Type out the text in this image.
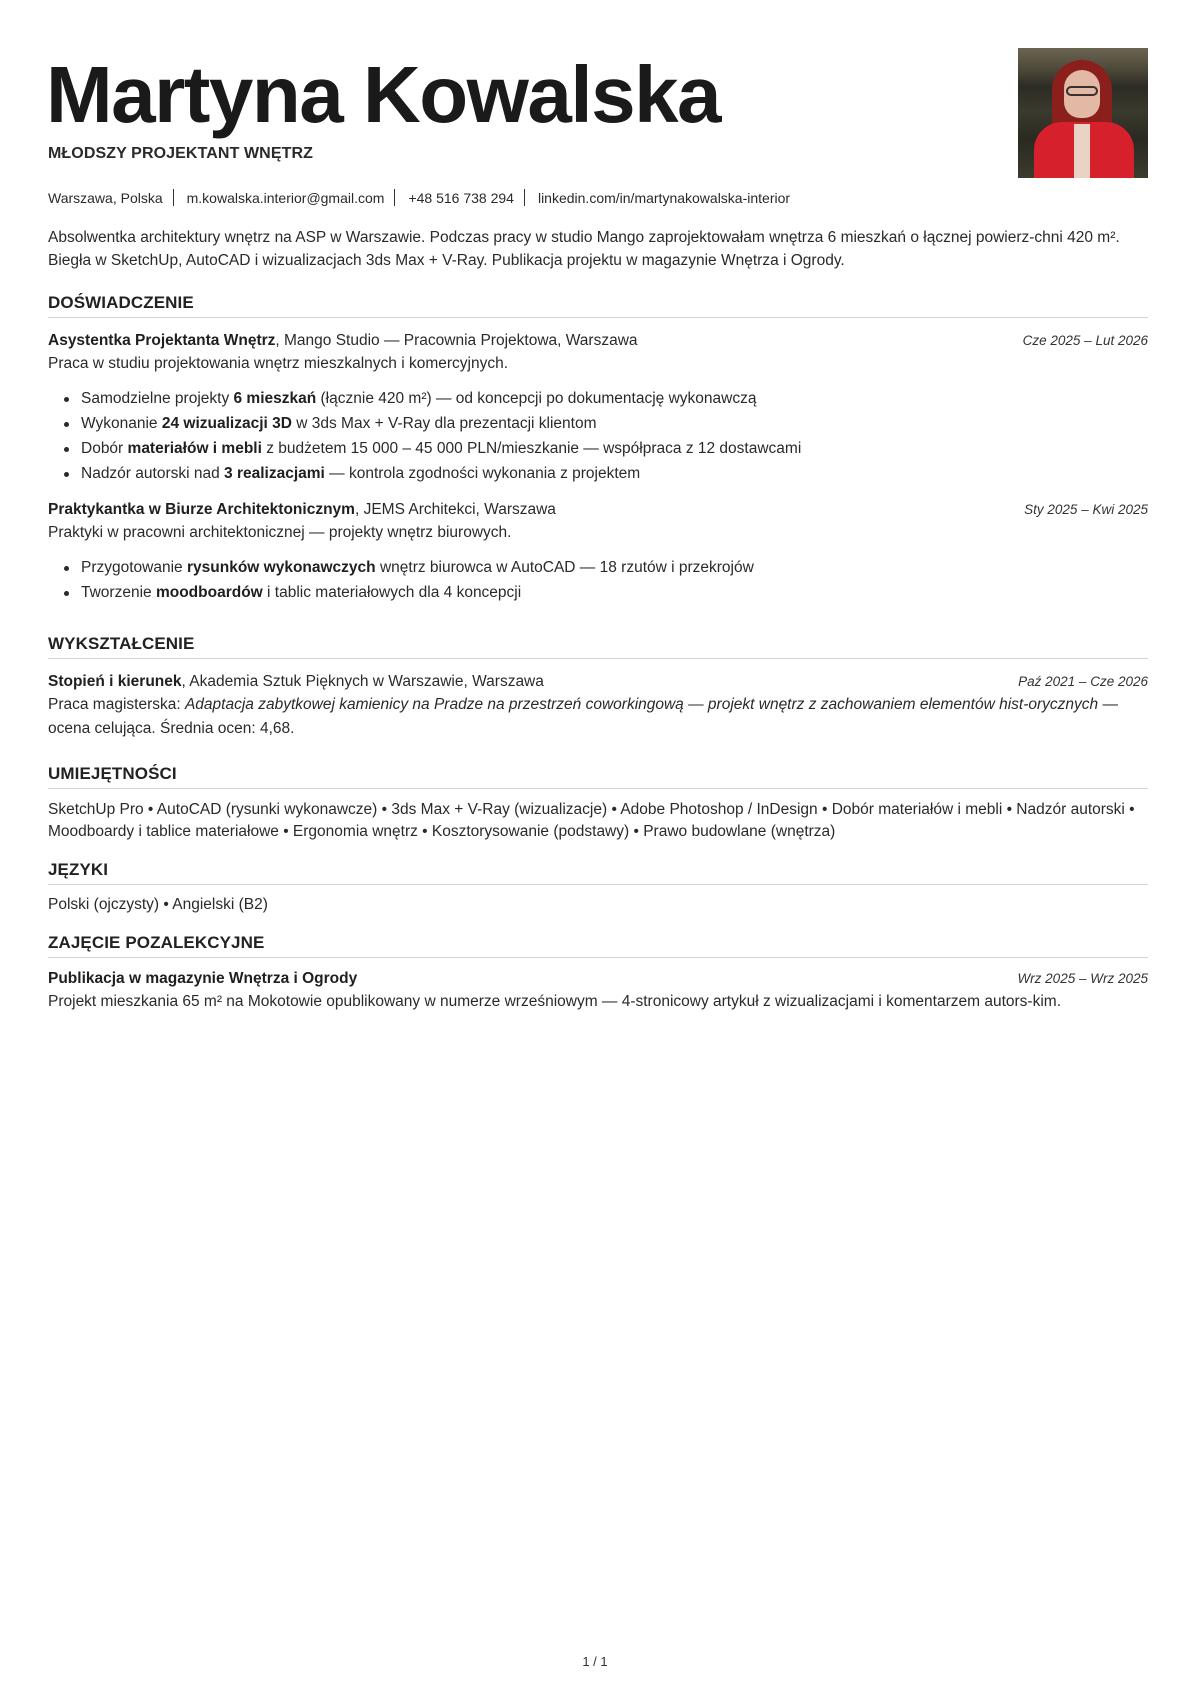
Martyna Kowalska
MŁODSZY PROJEKTANT WNĘTRZ
Warszawa, Polska m.kowalska.interior@gmail.com +48 516 738 294 linkedin.com/in/martynakowalska-interior
Absolwentka architektury wnętrz na ASP w Warszawie. Podczas pracy w studio Mango zaprojektowałam wnętrza 6 mieszkań o łącznej powierz-chni 420 m². Biegła w SketchUp, AutoCAD i wizualizacjach 3ds Max + V-Ray. Publikacja projektu w magazynie Wnętrza i Ogrody.
DOŚWIADCZENIE
Asystentka Projektanta Wnętrz, Mango Studio — Pracownia Projektowa, Warszawa	Cze 2025 – Lut 2026
Praca w studiu projektowania wnętrz mieszkalnych i komercyjnych.
Samodzielne projekty 6 mieszkań (łącznie 420 m²) — od koncepcji po dokumentację wykonawczą
Wykonanie 24 wizualizacji 3D w 3ds Max + V-Ray dla prezentacji klientom
Dobór materiałów i mebli z budżetem 15 000 – 45 000 PLN/mieszkanie — współpraca z 12 dostawcami
Nadzór autorski nad 3 realizacjami — kontrola zgodności wykonania z projektem
Praktykantka w Biurze Architektonicznym, JEMS Architekci, Warszawa	Sty 2025 – Kwi 2025
Praktyki w pracowni architektonicznej — projekty wnętrz biurowych.
Przygotowanie rysunków wykonawczych wnętrz biurowca w AutoCAD — 18 rzutów i przekrojów
Tworzenie moodboardów i tablic materiałowych dla 4 koncepcji
WYKSZTAŁCENIE
Stopień i kierunek, Akademia Sztuk Pięknych w Warszawie, Warszawa	Paź 2021 – Cze 2026
Praca magisterska: Adaptacja zabytkowej kamienicy na Pradze na przestrzeń coworkingową — projekt wnętrz z zachowaniem elementów hist-orycznych — ocena celująca. Średnia ocen: 4,68.
UMIEJĘTNOŚCI
SketchUp Pro • AutoCAD (rysunki wykonawcze) • 3ds Max + V-Ray (wizualizacje) • Adobe Photoshop / InDesign • Dobór materiałów i mebli • Nadzór autorski • Moodboardy i tablice materiałowe • Ergonomia wnętrz • Kosztorysowanie (podstawy) • Prawo budowlane (wnętrza)
JĘZYKI
Polski (ojczysty) • Angielski (B2)
ZAJĘCIE POZALEKCYJNE
Publikacja w magazynie Wnętrza i Ogrody	Wrz 2025 – Wrz 2025
Projekt mieszkania 65 m² na Mokotowie opublikowany w numerze wrześniowym — 4-stronicowy artykuł z wizualizacjami i komentarzem autors-kim.
1 / 1
